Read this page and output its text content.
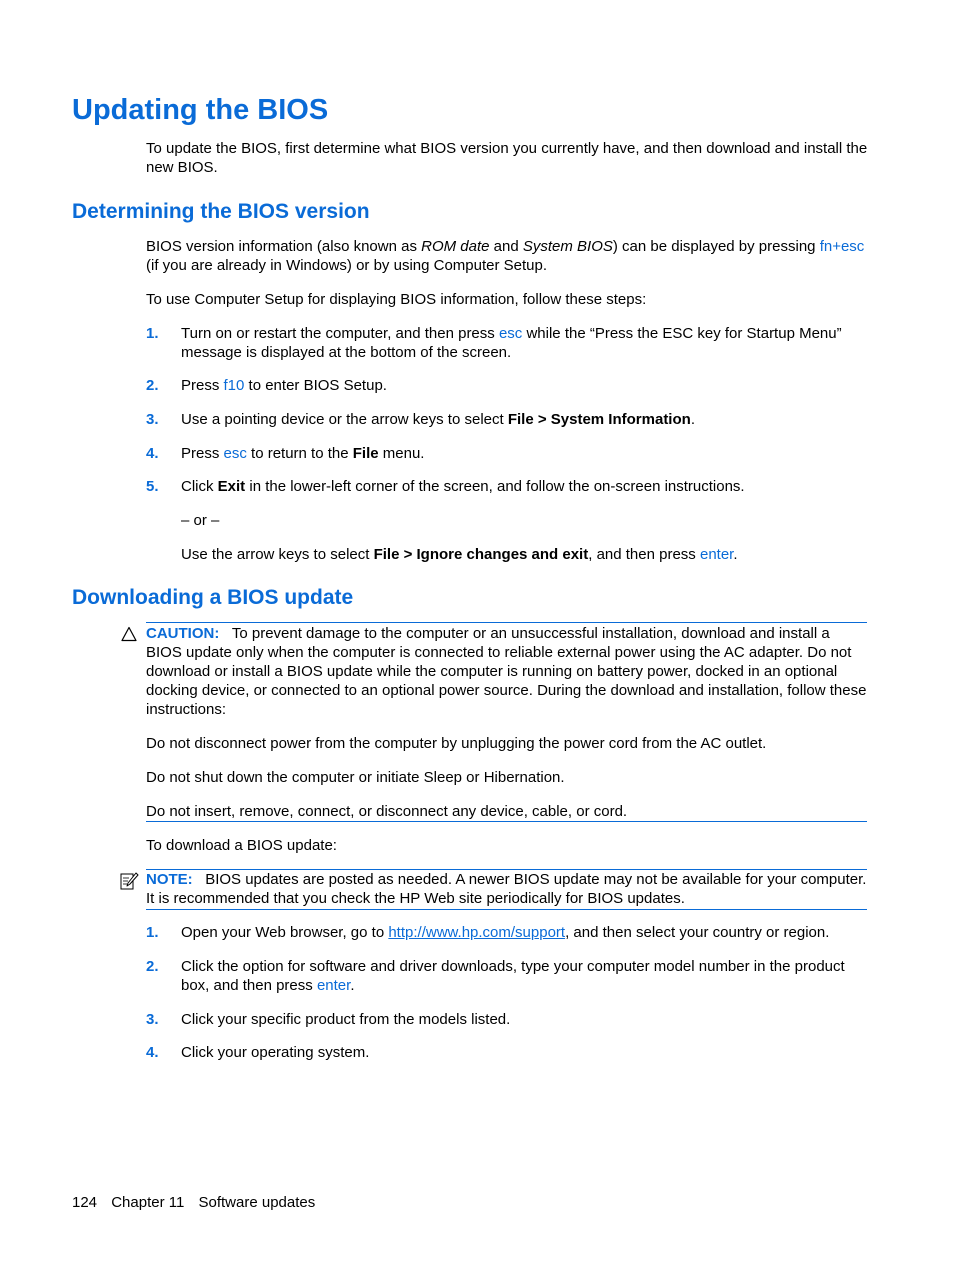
Updating the BIOS

To update the BIOS, first determine what BIOS version you currently have, and then download and install the new BIOS.

Determining the BIOS version

BIOS version information (also known as ROM date and System BIOS) can be displayed by pressing fn+esc (if you are already in Windows) or by using Computer Setup.

To use Computer Setup for displaying BIOS information, follow these steps:

1. Turn on or restart the computer, and then press esc while the “Press the ESC key for Startup Menu” message is displayed at the bottom of the screen.
2. Press f10 to enter BIOS Setup.
3. Use a pointing device or the arrow keys to select File > System Information.
4. Press esc to return to the File menu.
5. Click Exit in the lower-left corner of the screen, and follow the on-screen instructions.
– or –
Use the arrow keys to select File > Ignore changes and exit, and then press enter.
Downloading a BIOS update

CAUTION: To prevent damage to the computer or an unsuccessful installation, download and install a BIOS update only when the computer is connected to reliable external power using the AC adapter. Do not download or install a BIOS update while the computer is running on battery power, docked in an optional docking device, or connected to an optional power source. During the download and installation, follow these instructions:

Do not disconnect power from the computer by unplugging the power cord from the AC outlet.

Do not shut down the computer or initiate Sleep or Hibernation.

Do not insert, remove, connect, or disconnect any device, cable, or cord.

To download a BIOS update:

NOTE: BIOS updates are posted as needed. A newer BIOS update may not be available for your computer. It is recommended that you check the HP Web site periodically for BIOS updates.

1. Open your Web browser, go to http://www.hp.com/support, and then select your country or region.
2. Click the option for software and driver downloads, type your computer model number in the product box, and then press enter.
3. Click your specific product from the models listed.
4. Click your operating system.
124 Chapter 11 Software updates
